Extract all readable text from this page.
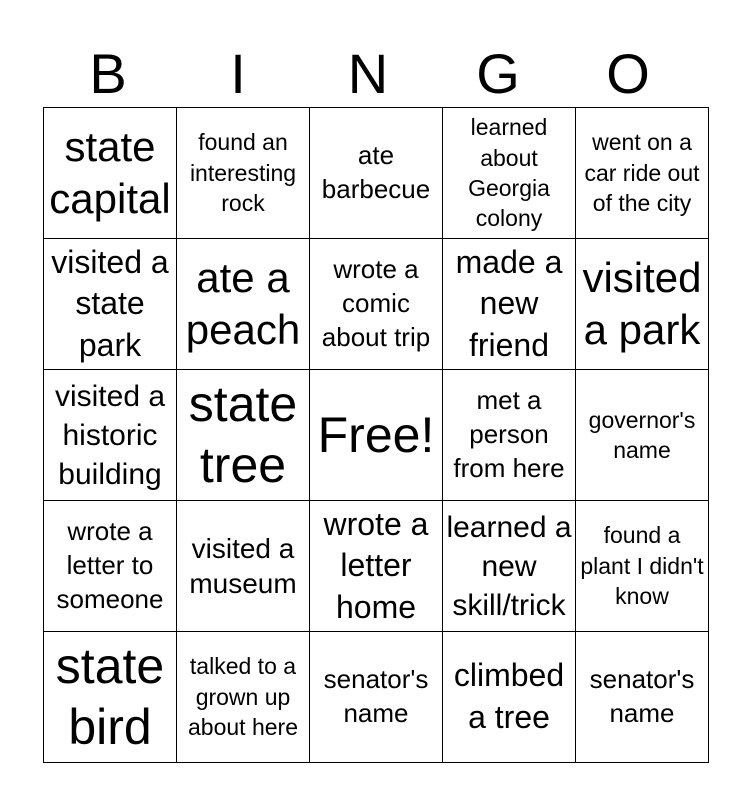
B	I	N	G	O
state capital	found an interesting rock	ate barbecue	learned about Georgia colony	went on a car ride out of the city
visited a state park	ate a peach	wrote a comic about trip	made a new friend	visited a park
visited a historic building	state tree	Free!	met a person from here	governor's name
wrote a letter to someone	visited a museum	wrote a letter home	learned a new skill/trick	found a plant I didn't know
state bird	talked to a grown up about here	senator's name	climbed a tree	senator's name
